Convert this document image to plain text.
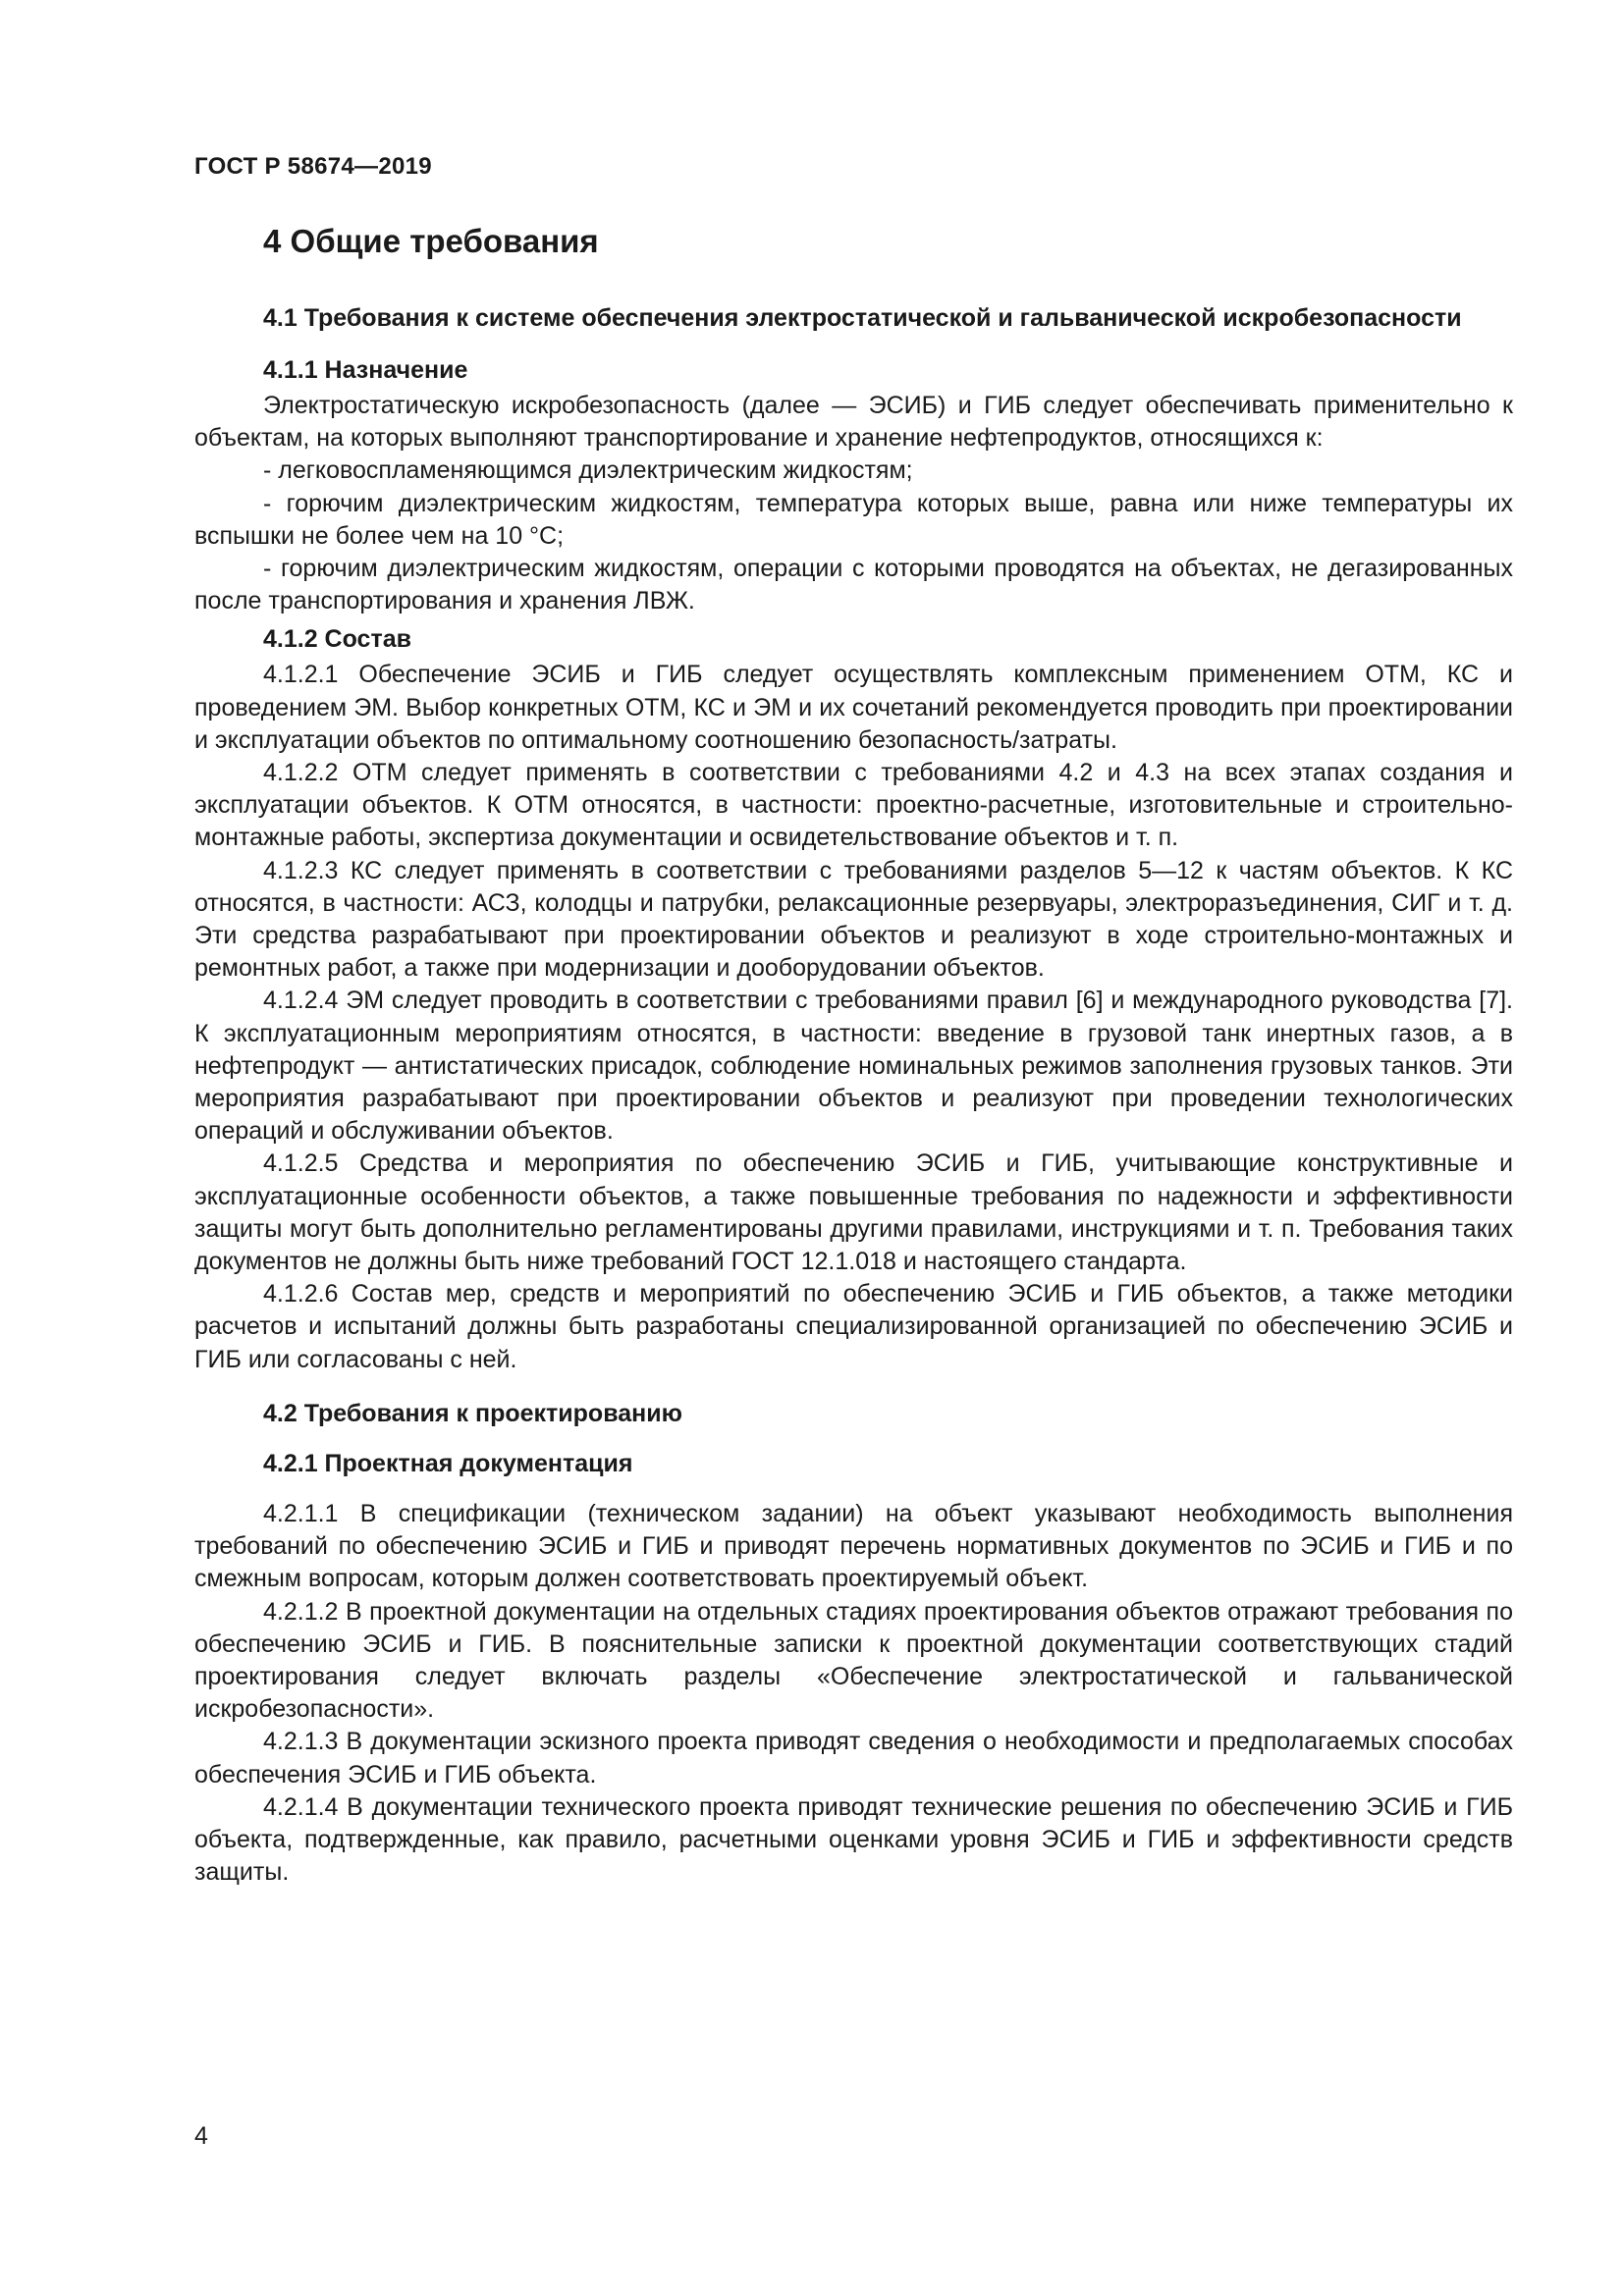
ГОСТ Р 58674—2019
4 Общие требования
4.1 Требования к системе обеспечения электростатической и гальванической искробезопасности
4.1.1 Назначение

Электростатическую искробезопасность (далее — ЭСИБ) и ГИБ следует обеспечивать применительно к объектам, на которых выполняют транспортирование и хранение нефтепродуктов, относящихся к:

- легковоспламеняющимся диэлектрическим жидкостям;

- горючим диэлектрическим жидкостям, температура которых выше, равна или ниже температуры их вспышки не более чем на 10 °С;

- горючим диэлектрическим жидкостям, операции с которыми проводятся на объектах, не дегазированных после транспортирования и хранения ЛВЖ.

4.1.2 Состав

4.1.2.1 Обеспечение ЭСИБ и ГИБ следует осуществлять комплексным применением ОТМ, КС и проведением ЭМ. Выбор конкретных ОТМ, КС и ЭМ и их сочетаний рекомендуется проводить при проектировании и эксплуатации объектов по оптимальному соотношению безопасность/затраты.

4.1.2.2 ОТМ следует применять в соответствии с требованиями 4.2 и 4.3 на всех этапах создания и эксплуатации объектов. К ОТМ относятся, в частности: проектно-расчетные, изготовительные и строительно-монтажные работы, экспертиза документации и освидетельствование объектов и т. п.

4.1.2.3 КС следует применять в соответствии с требованиями разделов 5—12 к частям объектов. К КС относятся, в частности: АСЗ, колодцы и патрубки, релаксационные резервуары, электроразъединения, СИГ и т. д. Эти средства разрабатывают при проектировании объектов и реализуют в ходе строительно-монтажных и ремонтных работ, а также при модернизации и дооборудовании объектов.

4.1.2.4 ЭМ следует проводить в соответствии с требованиями правил [6] и международного руководства [7]. К эксплуатационным мероприятиям относятся, в частности: введение в грузовой танк инертных газов, а в нефтепродукт — антистатических присадок, соблюдение номинальных режимов заполнения грузовых танков. Эти мероприятия разрабатывают при проектировании объектов и реализуют при проведении технологических операций и обслуживании объектов.

4.1.2.5 Средства и мероприятия по обеспечению ЭСИБ и ГИБ, учитывающие конструктивные и эксплуатационные особенности объектов, а также повышенные требования по надежности и эффективности защиты могут быть дополнительно регламентированы другими правилами, инструкциями и т. п. Требования таких документов не должны быть ниже требований ГОСТ 12.1.018 и настоящего стандарта.

4.1.2.6 Состав мер, средств и мероприятий по обеспечению ЭСИБ и ГИБ объектов, а также методики расчетов и испытаний должны быть разработаны специализированной организацией по обеспечению ЭСИБ и ГИБ или согласованы с ней.

4.2 Требования к проектированию
4.2.1 Проектная документация

4.2.1.1 В спецификации (техническом задании) на объект указывают необходимость выполнения требований по обеспечению ЭСИБ и ГИБ и приводят перечень нормативных документов по ЭСИБ и ГИБ и по смежным вопросам, которым должен соответствовать проектируемый объект.

4.2.1.2 В проектной документации на отдельных стадиях проектирования объектов отражают требования по обеспечению ЭСИБ и ГИБ. В пояснительные записки к проектной документации соответствующих стадий проектирования следует включать разделы «Обеспечение электростатической и гальванической искробезопасности».

4.2.1.3 В документации эскизного проекта приводят сведения о необходимости и предполагаемых способах обеспечения ЭСИБ и ГИБ объекта.

4.2.1.4 В документации технического проекта приводят технические решения по обеспечению ЭСИБ и ГИБ объекта, подтвержденные, как правило, расчетными оценками уровня ЭСИБ и ГИБ и эффективности средств защиты.

4
